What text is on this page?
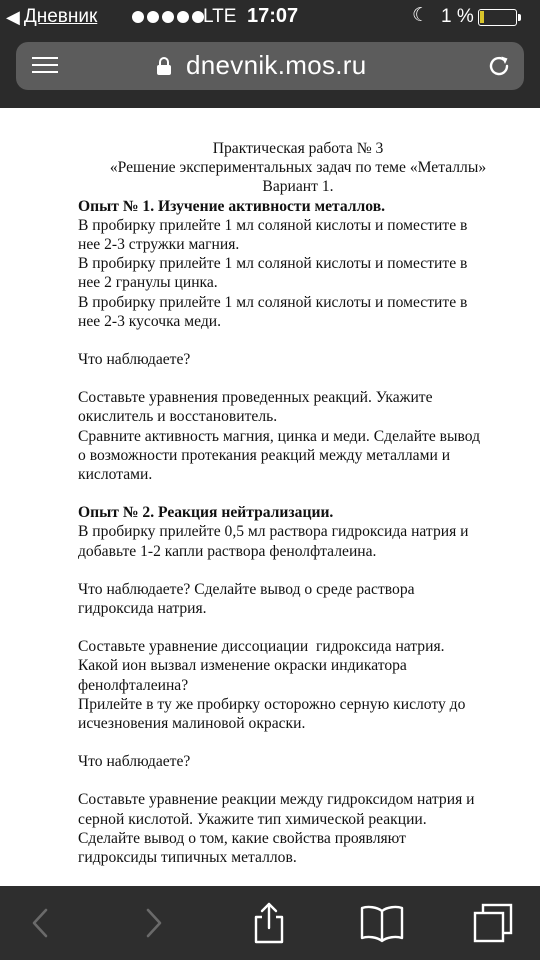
◀ Дневник	LTE 17:07	☾ 1 %
dnevnik.mos.ru

Практическая работа № 3

«Решение экспериментальных задач по теме «Металлы»

Вариант 1.

Опыт № 1. Изучение активности металлов.

В пробирку прилейте 1 мл соляной кислоты и поместите в

нее 2-3 стружки магния.

В пробирку прилейте 1 мл соляной кислоты и поместите в

нее 2 гранулы цинка.

В пробирку прилейте 1 мл соляной кислоты и поместите в

нее 2-3 кусочка меди.

Что наблюдаете?

Составьте уравнения проведенных реакций. Укажите

окислитель и восстановитель.

Сравните активность магния, цинка и меди. Сделайте вывод

о возможности протекания реакций между металлами и

кислотами.

Опыт № 2. Реакция нейтрализации.

В пробирку прилейте 0,5 мл раствора гидроксида натрия и

добавьте 1-2 капли раствора фенолфталеина.

Что наблюдаете? Сделайте вывод о среде раствора

гидроксида натрия.

Составьте уравнение диссоциации  гидроксида натрия.

Какой ион вызвал изменение окраски индикатора

фенолфталеина?

Прилейте в ту же пробирку осторожно серную кислоту до

исчезновения малиновой окраски.

Что наблюдаете?

Составьте уравнение реакции между гидроксидом натрия и

серной кислотой. Укажите тип химической реакции.

Сделайте вывод о том, какие свойства проявляют

гидроксиды типичных металлов.
